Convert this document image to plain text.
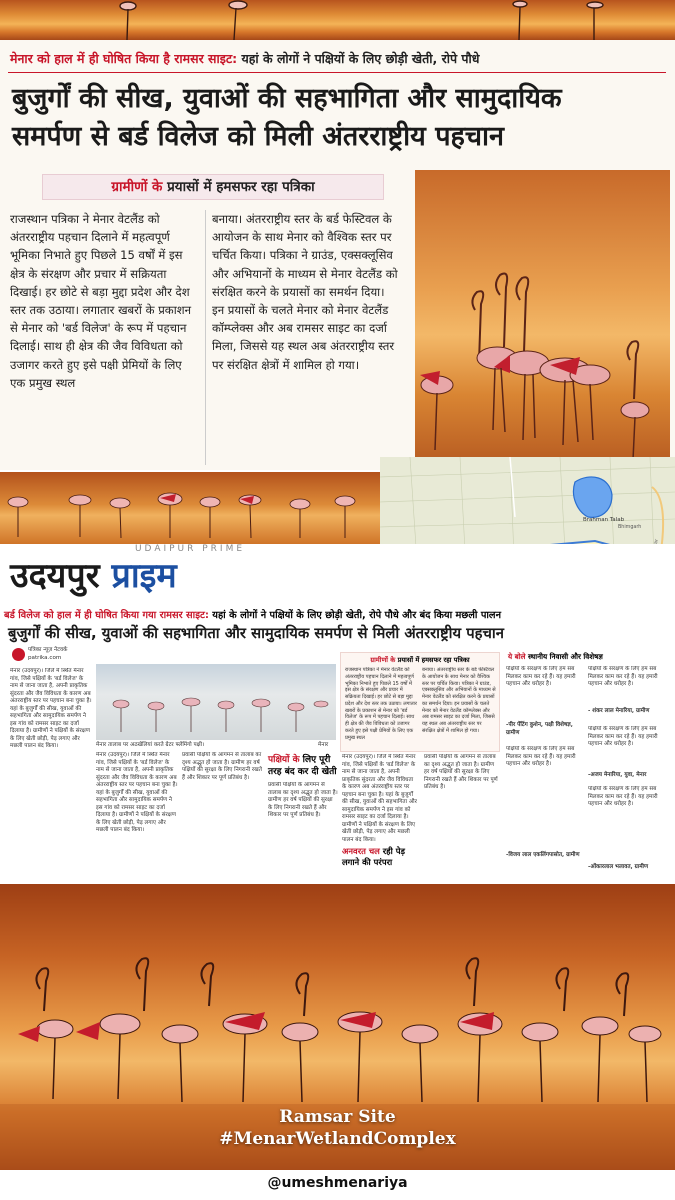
मेनार को हाल में ही घोषित किया है रामसर साइट: यहां के लोगों ने पक्षियों के लिए छोड़ी खेती, रोपे पौधे
बुजुर्गों की सीख, युवाओं की सहभागिता और सामुदायिक
समर्पण से बर्ड विलेज को मिली अंतरराष्ट्रीय पहचान
ग्रामीणों के प्रयासों में हमसफर रहा पत्रिका
राजस्थान पत्रिका ने मेनार वेटलैंड को अंतरराष्ट्रीय पहचान दिलाने में महत्वपूर्ण भूमिका निभाते हुए पिछले 15 वर्षों में इस क्षेत्र के संरक्षण और प्रचार में सक्रियता दिखाई। हर छोटे से बड़ा मुद्दा प्रदेश और देश स्तर तक उठाया। लगातार खबरों के प्रकाशन से मेनार को 'बर्ड विलेज' के रूप में पहचान दिलाई। साथ ही क्षेत्र की जैव विविधता को उजागर करते हुए इसे पक्षी प्रेमियों के लिए एक प्रमुख स्थल
बनाया। अंतरराष्ट्रीय स्तर के बर्ड फेस्टिवल के आयोजन के साथ मेनार को वैश्विक स्तर पर चर्चित किया। पत्रिका ने ग्राउंड, एक्सक्लूसिव और अभियानों के माध्यम से मेनार वेटलैंड को संरक्षित करने के प्रयासों का समर्थन दिया। इन प्रयासों के चलते मेनार को मेनार वेटलैंड कॉम्प्लेक्स और अब रामसर साइट का दर्जा मिला, जिससे यह स्थल अब अंतरराष्ट्रीय स्तर पर संरक्षित क्षेत्रों में शामिल हो गया।
Brahman Talab
Bhimgarh
UDAIPUR PRIME
उदयपुर प्राइम
बर्ड विलेज को हाल में ही घोषित किया गया रामसर साइट: यहां के लोगों ने पक्षियों के लिए छोड़ी खेती, रोपे पौधे और बंद किया मछली पालन
बुजुर्गों की सीख, युवाओं की सहभागिता और सामुदायिक समर्पण से मिली अंतरराष्ट्रीय पहचान
पत्रिका न्यूज़ नेटवर्क
patrika.com
मेनार (उदयपुर)। जिले में स्थित मेनार गांव, जिसे पक्षियों के 'बर्ड विलेज' के नाम से जाना जाता है, अपनी प्राकृतिक सुंदरता और जैव विविधता के कारण अब अंतरराष्ट्रीय स्तर पर पहचान बना चुका है। यहां के बुजुर्गों की सीख, युवाओं की सहभागिता और सामुदायिक समर्पण ने इस गांव को रामसर साइट का दर्जा दिलाया है। ग्रामीणों ने पक्षियों के संरक्षण के लिए खेती छोड़ी, पेड़ लगाए और मछली पालन बंद किया।	मेनार तालाब पर अठखेलियां करते ग्रेटर फ्लेमिंगो पक्षी।	मेनार
ग्रामीणों के प्रयासों में हमसफर रहा पत्रिका
राजस्थान पत्रिका ने मेनार वेटलैंड को अंतरराष्ट्रीय पहचान दिलाने में महत्वपूर्ण भूमिका निभाते हुए पिछले 15 वर्षों में इस क्षेत्र के संरक्षण और प्रचार में सक्रियता दिखाई। हर छोटे से बड़ा मुद्दा प्रदेश और देश स्तर तक उठाया। लगातार खबरों के प्रकाशन से मेनार को 'बर्ड विलेज' के रूप में पहचान दिलाई। साथ ही क्षेत्र की जैव विविधता को उजागर करते हुए इसे पक्षी प्रेमियों के लिए एक प्रमुख स्थल
बनाया। अंतरराष्ट्रीय स्तर के बर्ड फेस्टिवल के आयोजन के साथ मेनार को वैश्विक स्तर पर चर्चित किया। पत्रिका ने ग्राउंड, एक्सक्लूसिव और अभियानों के माध्यम से मेनार वेटलैंड को संरक्षित करने के प्रयासों का समर्थन दिया। इन प्रयासों के चलते मेनार को मेनार वेटलैंड कॉम्प्लेक्स और अब रामसर साइट का दर्जा मिला, जिससे यह स्थल अब अंतरराष्ट्रीय स्तर पर संरक्षित क्षेत्रों में शामिल हो गया।
ये बोले स्थानीय निवासी और विशेषज्ञ
पक्षियों के संरक्षण के लिए हम सब मिलकर काम कर रहे हैं। यह हमारी पहचान और धरोहर है।
- शंकर लाल मेनारिया, ग्रामीण
पक्षियों के संरक्षण के लिए हम सब मिलकर काम कर रहे हैं। यह हमारी पहचान और धरोहर है।
-पीर पेंटिंग कुशेन, पक्षी विशेषज्ञ, ग्रामीण
पक्षियों के संरक्षण के लिए हम सब मिलकर काम कर रहे हैं। यह हमारी पहचान और धरोहर है।
-अजय मेनारिया, युवा, मेनार
पक्षियों के संरक्षण के लिए हम सब मिलकर काम कर रहे हैं। यह हमारी पहचान और धरोहर है।
-विजय लाल एकलिंगपासोत, ग्रामीण
पक्षियों के संरक्षण के लिए हम सब मिलकर काम कर रहे हैं। यह हमारी पहचान और धरोहर है।
-ओंकारलाल भलावत, ग्रामीण
मेनार (उदयपुर)। जिले में स्थित मेनार गांव, जिसे पक्षियों के 'बर्ड विलेज' के नाम से जाना जाता है, अपनी प्राकृतिक सुंदरता और जैव विविधता के कारण अब अंतरराष्ट्रीय स्तर पर पहचान बना चुका है। यहां के बुजुर्गों की सीख, युवाओं की सहभागिता और सामुदायिक समर्पण ने इस गांव को रामसर साइट का दर्जा दिलाया है। ग्रामीणों ने पक्षियों के संरक्षण के लिए खेती छोड़ी, पेड़ लगाए और मछली पालन बंद किया।
प्रवासी पक्षियों के आगमन से तालाब का दृश्य अद्भुत हो जाता है। ग्रामीण हर वर्ष पक्षियों की सुरक्षा के लिए निगरानी रखते हैं और शिकार पर पूर्ण प्रतिबंध है।
पक्षियों के लिए पूरी तरह बंद कर दी खेती
प्रवासी पक्षियों के आगमन से तालाब का दृश्य अद्भुत हो जाता है। ग्रामीण हर वर्ष पक्षियों की सुरक्षा के लिए निगरानी रखते हैं और शिकार पर पूर्ण प्रतिबंध है।
मेनार (उदयपुर)। जिले में स्थित मेनार गांव, जिसे पक्षियों के 'बर्ड विलेज' के नाम से जाना जाता है, अपनी प्राकृतिक सुंदरता और जैव विविधता के कारण अब अंतरराष्ट्रीय स्तर पर पहचान बना चुका है। यहां के बुजुर्गों की सीख, युवाओं की सहभागिता और सामुदायिक समर्पण ने इस गांव को रामसर साइट का दर्जा दिलाया है। ग्रामीणों ने पक्षियों के संरक्षण के लिए खेती छोड़ी, पेड़ लगाए और मछली पालन बंद किया।
अनवरत चल रही पेड़ लगाने की परंपरा
प्रवासी पक्षियों के आगमन से तालाब का दृश्य अद्भुत हो जाता है। ग्रामीण हर वर्ष पक्षियों की सुरक्षा के लिए निगरानी रखते हैं और शिकार पर पूर्ण प्रतिबंध है।
Ramsar Site
#MenarWetlandComplex
@umeshmenariya
